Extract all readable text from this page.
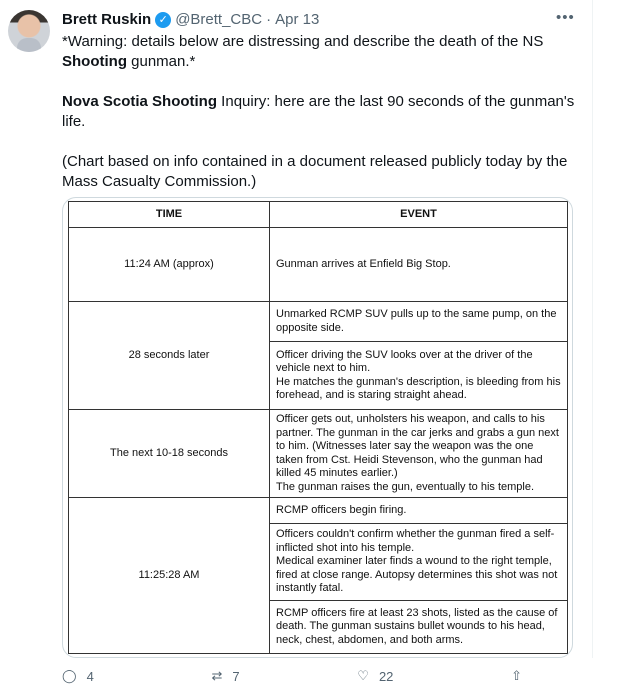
Brett Ruskin ✓ @Brett_CBC · Apr 13	•••

*Warning: details below are distressing and describe the death of the NS Shooting gunman.*

Nova Scotia Shooting Inquiry: here are the last 90 seconds of the gunman's life.

(Chart based on info contained in a document released publicly today by the Mass Casualty Commission.)

TIME	EVENT
11:24 AM (approx)	Gunman arrives at Enfield Big Stop.
28 seconds later	Unmarked RCMP SUV pulls up to the same pump, on the opposite side.
	Officer driving the SUV looks over at the driver of the vehicle next to him.
He matches the gunman's description, is bleeding from his forehead, and is staring straight ahead.
The next 10-18 seconds	Officer gets out, unholsters his weapon, and calls to his partner. The gunman in the car jerks and grabs a gun next to him. (Witnesses later say the weapon was the one taken from Cst. Heidi Stevenson, who the gunman had killed 45 minutes earlier.)
The gunman raises the gun, eventually to his temple.
11:25:28 AM	RCMP officers begin firing.
	Officers couldn't confirm whether the gunman fired a self-inflicted shot into his temple.
Medical examiner later finds a wound to the right temple, fired at close range. Autopsy determines this shot was not instantly fatal.
	RCMP officers fire at least 23 shots, listed as the cause of death. The gunman sustains bullet wounds to his head, neck, chest, abdomen, and both arms.
◯ 4	⇄ 7	♡ 22	⇧
